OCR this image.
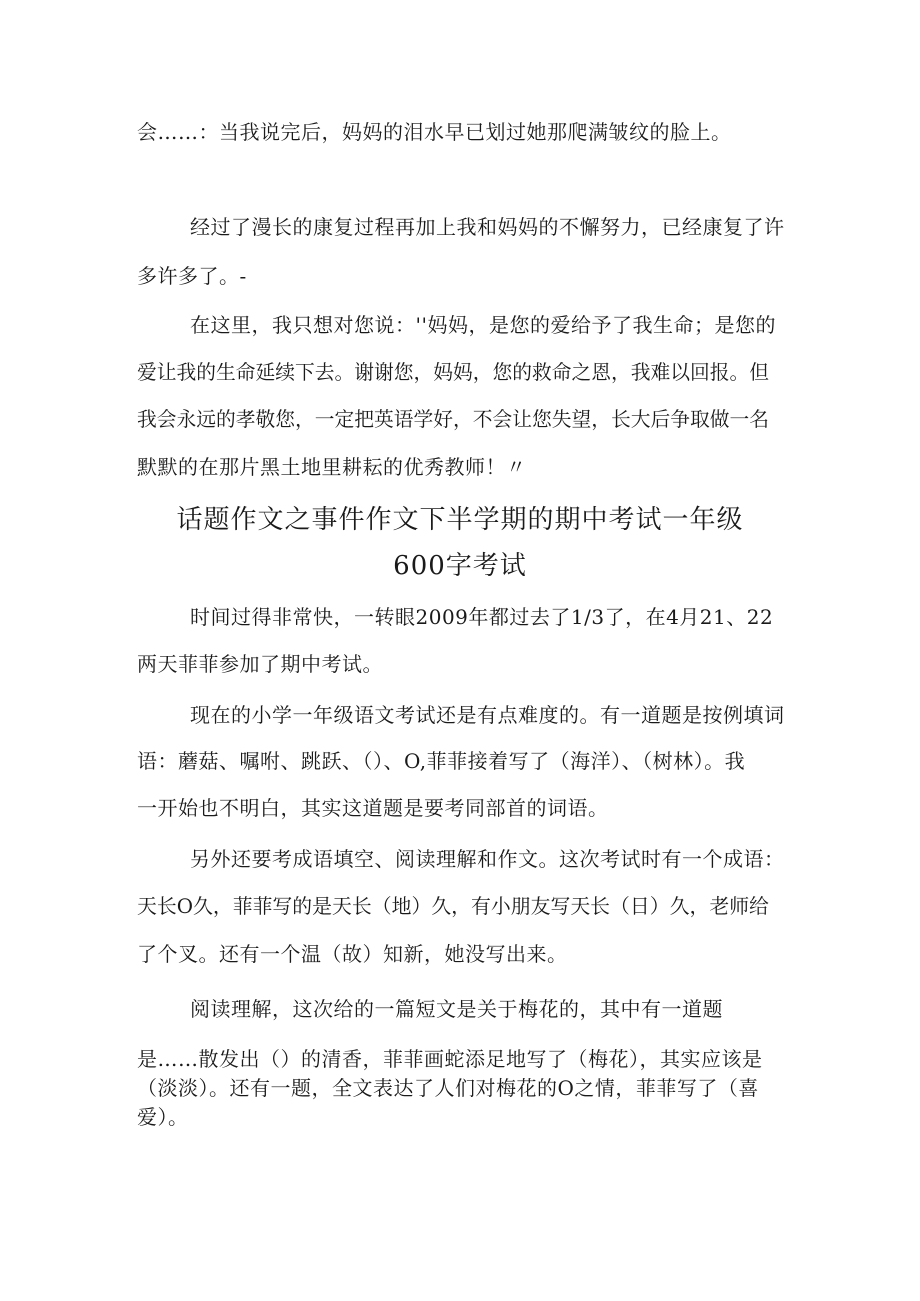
会……：当我说完后，妈妈的泪水早已划过她那爬满皱纹的脸上。
经过了漫长的康复过程再加上我和妈妈的不懈努力，已经康复了许
多许多了。-
在这里，我只想对您说：''妈妈，是您的爱给予了我生命；是您的
爱让我的生命延续下去。谢谢您，妈妈，您的救命之恩，我难以回报。但
我会永远的孝敬您，一定把英语学好，不会让您失望，长大后争取做一名
默默的在那片黑土地里耕耘的优秀教师！〃
话题作文之事件作文下半学期的期中考试一年级
600字考试
时间过得非常快，一转眼2009年都过去了1/3了，在4月21、22
两天菲菲参加了期中考试。
现在的小学一年级语文考试还是有点难度的。有一道题是按例填词
语：蘑菇、嘱咐、跳跃、（）、O,菲菲接着写了（海洋）、（树林）。我
一开始也不明白，其实这道题是要考同部首的词语。
另外还要考成语填空、阅读理解和作文。这次考试时有一个成语：
天长O久，菲菲写的是天长（地）久，有小朋友写天长（日）久，老师给
了个叉。还有一个温（故）知新，她没写出来。
阅读理解，这次给的一篇短文是关于梅花的，其中有一道题
是……散发出（）的清香，菲菲画蛇添足地写了（梅花），其实应该是
（淡淡）。还有一题，全文表达了人们对梅花的O之情，菲菲写了（喜
爱）。
